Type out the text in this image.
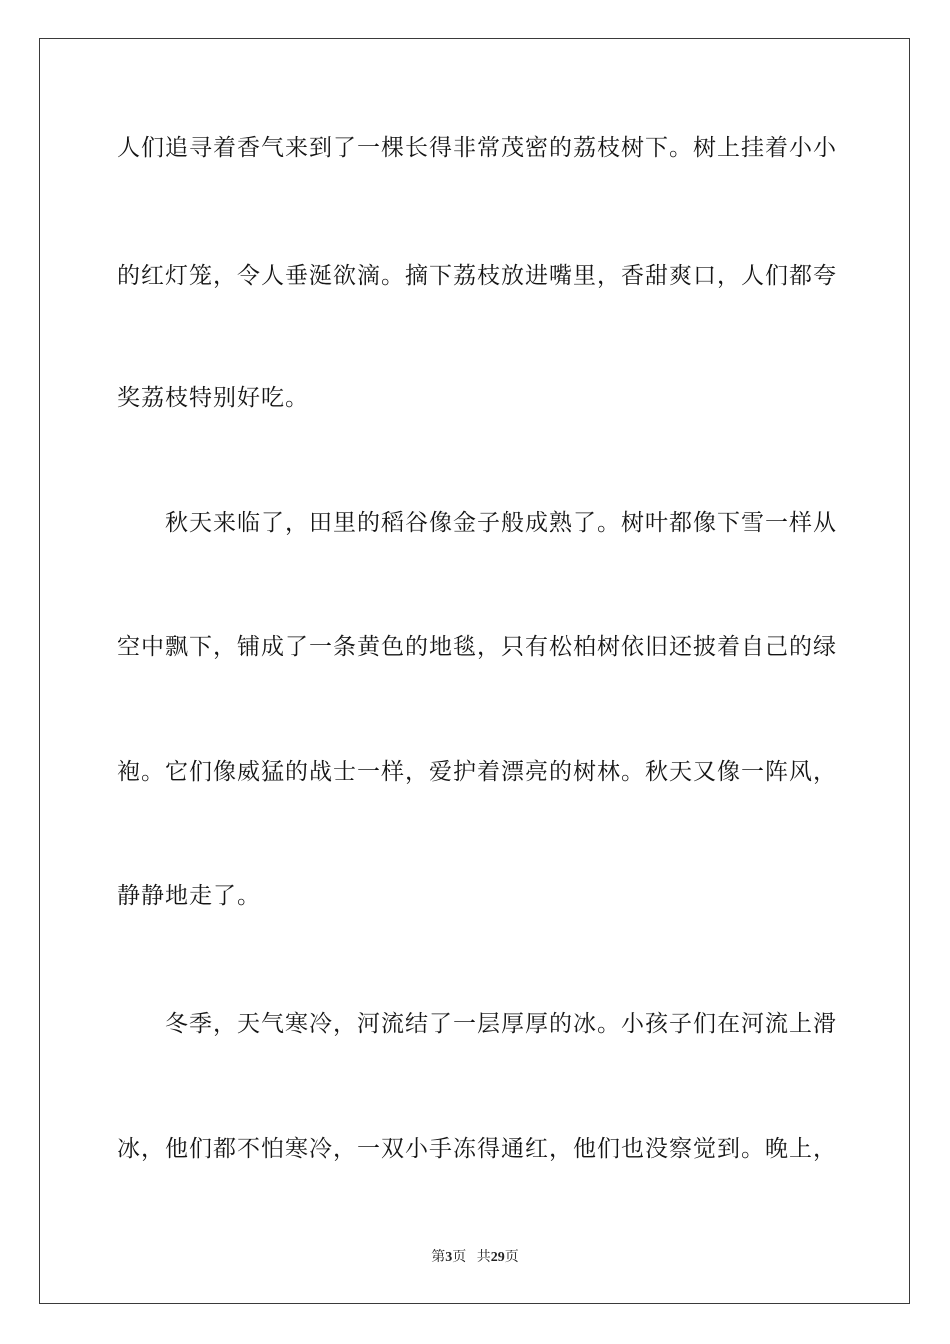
人们追寻着香气来到了一棵长得非常茂密的荔枝树下。树上挂着小小

的红灯笼，令人垂涎欲滴。摘下荔枝放进嘴里，香甜爽口，人们都夸

奖荔枝特别好吃。

　　秋天来临了，田里的稻谷像金子般成熟了。树叶都像下雪一样从

空中飘下，铺成了一条黄色的地毯，只有松柏树依旧还披着自己的绿

袍。它们像威猛的战士一样，爱护着漂亮的树林。秋天又像一阵风，

静静地走了。

　　冬季，天气寒冷，河流结了一层厚厚的冰。小孩子们在河流上滑

冰，他们都不怕寒冷，一双小手冻得通红，他们也没察觉到。晚上，

第3页 共29页
